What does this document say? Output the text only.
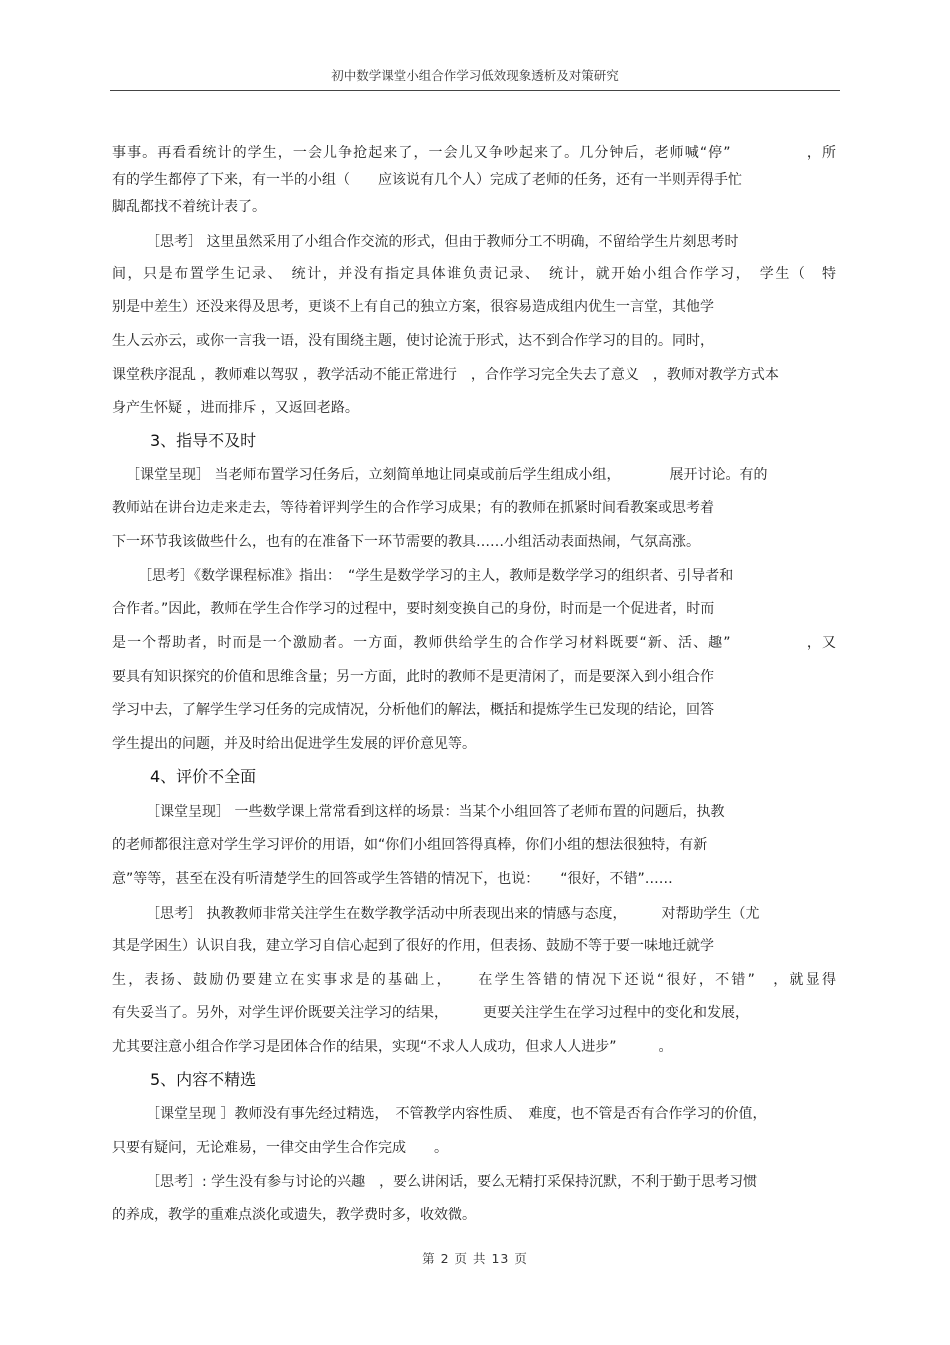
初中数学课堂小组合作学习低效现象透析及对策研究
事事。再看看统计的学生，一会儿争抢起来了，一会儿又争吵起来了。几分钟后，老师喊“停”　　　　　，所
有的学生都停了下来，有一半的小组（　　应该说有几个人）完成了老师的任务，还有一半则弄得手忙
脚乱都找不着统计表了。
［思考］ 这里虽然采用了小组合作交流的形式，但由于教师分工不明确，不留给学生片刻思考时
间，只是布置学生记录、　统计，并没有指定具体谁负责记录、　统计，就开始小组合作学习，　学生（　特
别是中差生）还没来得及思考，更谈不上有自己的独立方案，很容易造成组内优生一言堂，其他学
生人云亦云，或你一言我一语，没有围绕主题，使讨论流于形式，达不到合作学习的目的。同时，
课堂秩序混乱 ，教师难以驾驭 ，教学活动不能正常进行　，合作学习完全失去了意义　，教师对教学方式本
身产生怀疑 ，进而排斥 ，又返回老路。
3、指导不及时
［课堂呈现］ 当老师布置学习任务后，立刻简单地让同桌或前后学生组成小组，　　　　展开讨论。有的
教师站在讲台边走来走去，等待着评判学生的合作学习成果；有的教师在抓紧时间看教案或思考着
下一环节我该做些什么，也有的在准备下一环节需要的教具……小组活动表面热闹，气氛高涨。
［思考］《数学课程标准》指出：　“学生是数学学习的主人，教师是数学学习的组织者、引导者和
合作者。”因此，教师在学生合作学习的过程中，要时刻变换自己的身份，时而是一个促进者，时而
是一个帮助者，时而是一个激励者。一方面，教师供给学生的合作学习材料既要“新、活、趣”　　　　　，又
要具有知识探究的价值和思维含量；另一方面，此时的教师不是更清闲了，而是要深入到小组合作
学习中去，了解学生学习任务的完成情况，分析他们的解法，概括和提炼学生已发现的结论，回答
学生提出的问题，并及时给出促进学生发展的评价意见等。
4、评价不全面
［课堂呈现］ 一些数学课上常常看到这样的场景：当某个小组回答了老师布置的问题后，执教
的老师都很注意对学生学习评价的用语，如“你们小组回答得真棒，你们小组的想法很独特，有新
意”等等，甚至在没有听清楚学生的回答或学生答错的情况下，也说：　　“很好，不错”……
［思考］ 执教教师非常关注学生在数学教学活动中所表现出来的情感与态度，　　　对帮助学生（尤
其是学困生）认识自我，建立学习自信心起到了很好的作用，但表扬、鼓励不等于要一味地迁就学
生，表扬、鼓励仍要建立在实事求是的基础上，　　在学生答错的情况下还说“很好，不错”　，就显得
有失妥当了。另外，对学生评价既要关注学习的结果，　　　更要关注学生在学习过程中的变化和发展，
尤其要注意小组合作学习是团体合作的结果，实现“不求人人成功，但求人人进步”　　　。
5、内容不精选
［课堂呈现 ］教师没有事先经过精选，　不管教学内容性质、　难度，也不管是否有合作学习的价值，
只要有疑问，无论难易，一律交由学生合作完成　　。
［思考］: 学生没有参与讨论的兴趣　，要么讲闲话，要么无精打采保持沉默，不利于勤于思考习惯
的养成，教学的重难点淡化或遗失，教学费时多，收效微。
第 2 页 共 13 页
